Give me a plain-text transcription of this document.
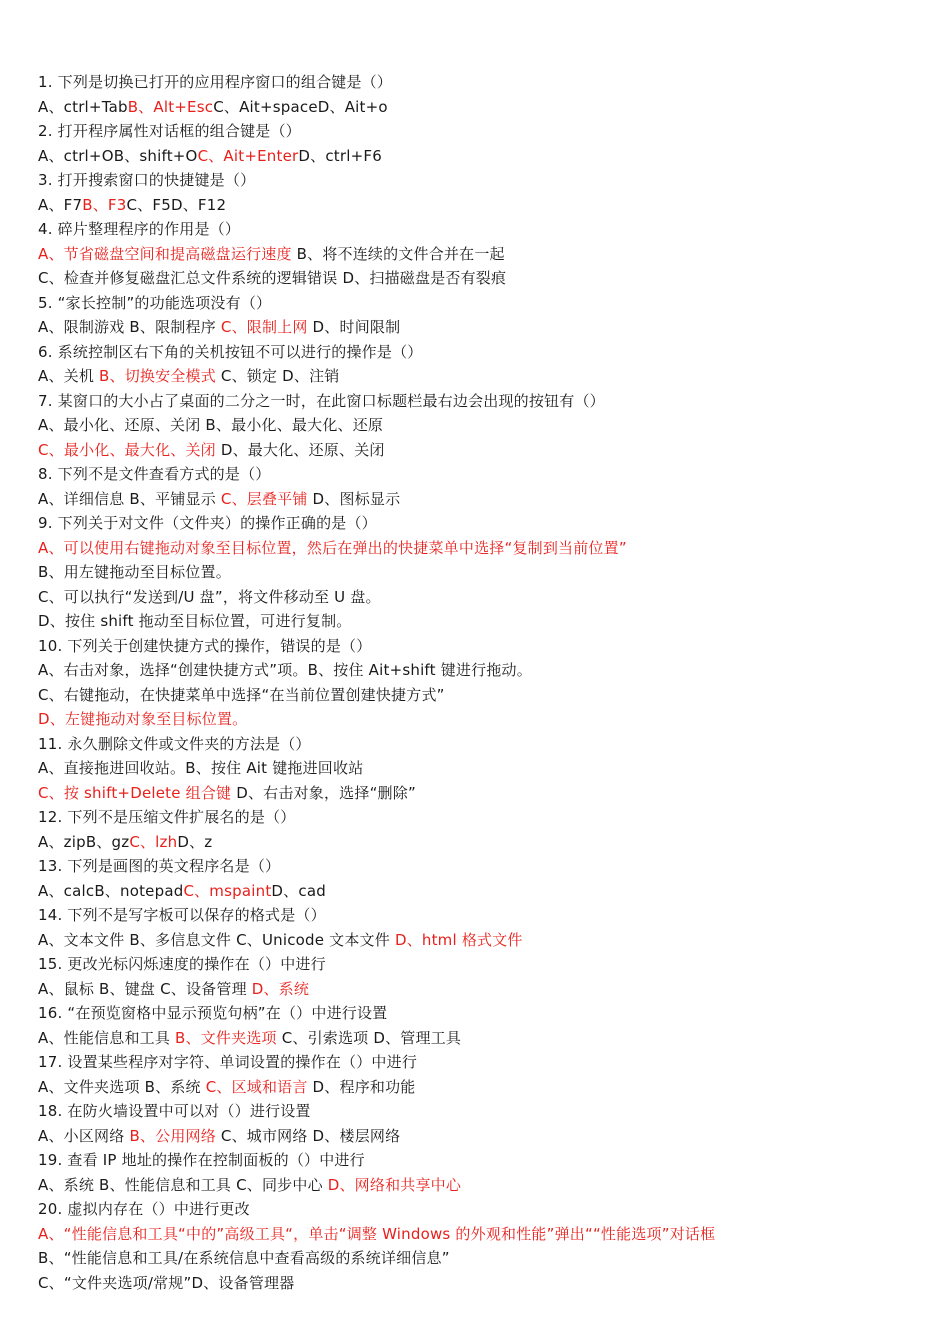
1. 下列是切换已打开的应用程序窗口的组合键是（）
A、ctrl+TabB、Alt+EscC、Ait+spaceD、Ait+o
2. 打开程序属性对话框的组合键是（）
A、ctrl+OB、shift+OC、Ait+EnterD、ctrl+F6
3. 打开搜索窗口的快捷键是（）
A、F7B、F3C、F5D、F12
4. 碎片整理程序的作用是（）
A、节省磁盘空间和提高磁盘运行速度 B、将不连续的文件合并在一起
C、检查并修复磁盘汇总文件系统的逻辑错误 D、扫描磁盘是否有裂痕
5. “家长控制”的功能选项没有（）
A、限制游戏 B、限制程序 C、限制上网 D、时间限制
6. 系统控制区右下角的关机按钮不可以进行的操作是（）
A、关机 B、切换安全模式 C、锁定 D、注销
7. 某窗口的大小占了桌面的二分之一时，在此窗口标题栏最右边会出现的按钮有（）
A、最小化、还原、关闭 B、最小化、最大化、还原
C、最小化、最大化、关闭 D、最大化、还原、关闭
8. 下列不是文件查看方式的是（）
A、详细信息 B、平铺显示 C、层叠平铺 D、图标显示
9. 下列关于对文件（文件夹）的操作正确的是（）
A、可以使用右键拖动对象至目标位置，然后在弹出的快捷菜单中选择“复制到当前位置”
B、用左键拖动至目标位置。
C、可以执行“发送到/U 盘”，将文件移动至 U 盘。
D、按住 shift 拖动至目标位置，可进行复制。
10. 下列关于创建快捷方式的操作，错误的是（）
A、右击对象，选择“创建快捷方式”项。B、按住 Ait+shift 键进行拖动。
C、右键拖动，在快捷菜单中选择“在当前位置创建快捷方式”
D、左键拖动对象至目标位置。
11. 永久删除文件或文件夹的方法是（）
A、直接拖进回收站。B、按住 Ait 键拖进回收站
C、按 shift+Delete 组合键 D、右击对象，选择“删除”
12. 下列不是压缩文件扩展名的是（）
A、zipB、gzC、lzhD、z
13. 下列是画图的英文程序名是（）
A、calcB、notepadC、mspaintD、cad
14. 下列不是写字板可以保存的格式是（）
A、文本文件 B、多信息文件 C、Unicode 文本文件 D、html 格式文件
15. 更改光标闪烁速度的操作在（）中进行
A、鼠标 B、键盘 C、设备管理 D、系统
16. “在预览窗格中显示预览句柄”在（）中进行设置
A、性能信息和工具 B、文件夹选项 C、引索选项 D、管理工具
17. 设置某些程序对字符、单词设置的操作在（）中进行
A、文件夹选项 B、系统 C、区域和语言 D、程序和功能
18. 在防火墙设置中可以对（）进行设置
A、小区网络 B、公用网络 C、城市网络 D、楼层网络
19. 查看 IP 地址的操作在控制面板的（）中进行
A、系统 B、性能信息和工具 C、同步中心 D、网络和共享中心
20. 虚拟内存在（）中进行更改
A、“性能信息和工具“中的”高级工具“，单击“调整 Windows 的外观和性能”弹出““性能选项”对话框
B、“性能信息和工具/在系统信息中查看高级的系统详细信息”
C、“文件夹选项/常规”D、设备管理器
